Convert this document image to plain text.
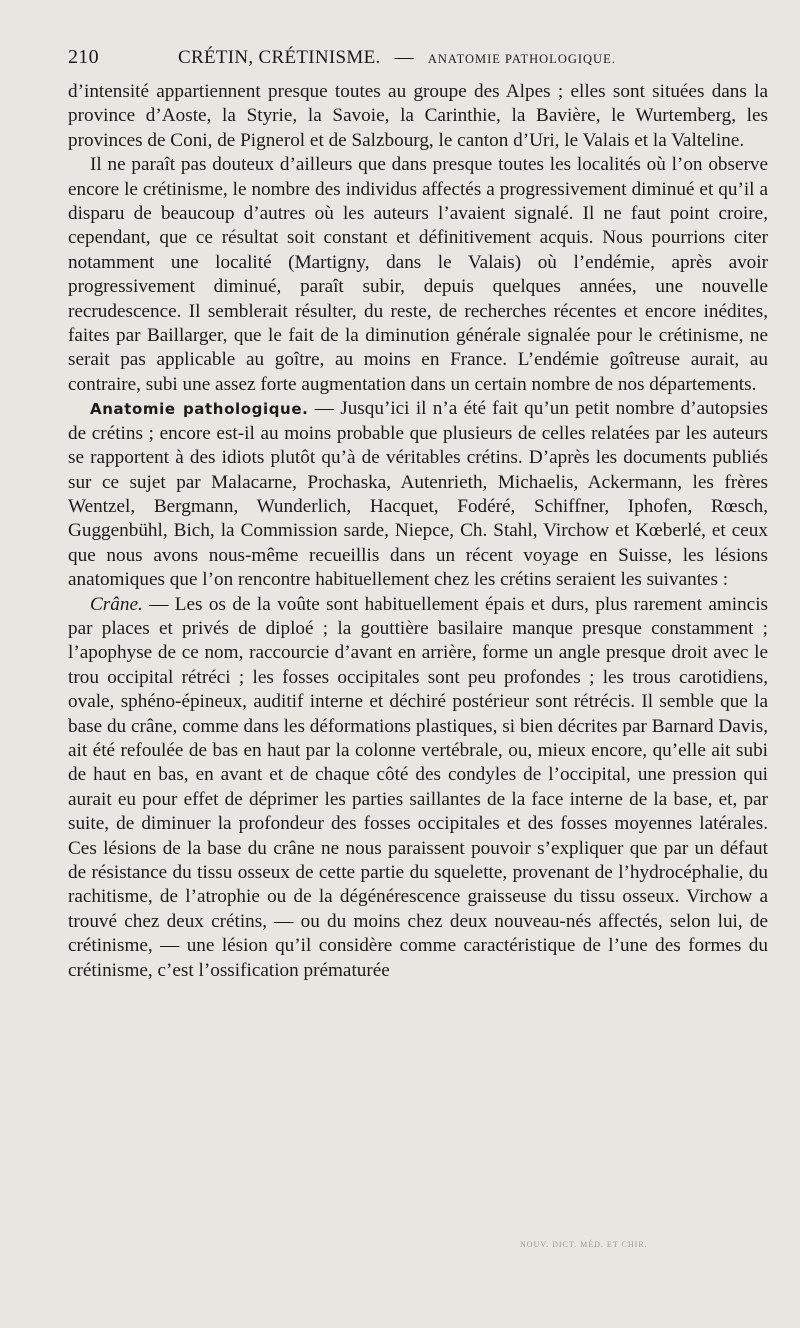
210	CRÉTIN, CRÉTINISME. — ANATOMIE PATHOLOGIQUE.

d’intensité appartiennent presque toutes au groupe des Alpes ; elles sont situées dans la province d’Aoste, la Styrie, la Savoie, la Carinthie, la Bavière, le Wurtemberg, les provinces de Coni, de Pignerol et de Salzbourg, le canton d’Uri, le Valais et la Valteline.

Il ne paraît pas douteux d’ailleurs que dans presque toutes les localités où l’on observe encore le crétinisme, le nombre des individus affectés a progressivement diminué et qu’il a disparu de beaucoup d’autres où les auteurs l’avaient signalé. Il ne faut point croire, cependant, que ce résultat soit constant et définitivement acquis. Nous pourrions citer notamment une localité (Martigny, dans le Valais) où l’endémie, après avoir progressivement diminué, paraît subir, depuis quelques années, une nouvelle recrudescence. Il semblerait résulter, du reste, de recherches récentes et encore inédites, faites par Baillarger, que le fait de la diminution générale signalée pour le crétinisme, ne serait pas applicable au goître, au moins en France. L’endémie goîtreuse aurait, au contraire, subi une assez forte augmentation dans un certain nombre de nos départements.

Anatomie pathologique. — Jusqu’ici il n’a été fait qu’un petit nombre d’autopsies de crétins ; encore est-il au moins probable que plusieurs de celles relatées par les auteurs se rapportent à des idiots plutôt qu’à de véritables crétins. D’après les documents publiés sur ce sujet par Malacarne, Prochaska, Autenrieth, Michaelis, Ackermann, les frères Wentzel, Bergmann, Wunderlich, Hacquet, Fodéré, Schiffner, Iphofen, Rœsch, Guggenbühl, Bich, la Commission sarde, Niepce, Ch. Stahl, Virchow et Kœberlé, et ceux que nous avons nous-même recueillis dans un récent voyage en Suisse, les lésions anatomiques que l’on rencontre habituellement chez les crétins seraient les suivantes :

Crâne. — Les os de la voûte sont habituellement épais et durs, plus rarement amincis par places et privés de diploé ; la gouttière basilaire manque presque constamment ; l’apophyse de ce nom, raccourcie d’avant en arrière, forme un angle presque droit avec le trou occipital rétréci ; les fosses occipitales sont peu profondes ; les trous carotidiens, ovale, sphéno-épineux, auditif interne et déchiré postérieur sont rétrécis. Il semble que la base du crâne, comme dans les déformations plastiques, si bien décrites par Barnard Davis, ait été refoulée de bas en haut par la colonne vertébrale, ou, mieux encore, qu’elle ait subi de haut en bas, en avant et de chaque côté des condyles de l’occipital, une pression qui aurait eu pour effet de déprimer les parties saillantes de la face interne de la base, et, par suite, de diminuer la profondeur des fosses occipitales et des fosses moyennes latérales. Ces lésions de la base du crâne ne nous paraissent pouvoir s’expliquer que par un défaut de résistance du tissu osseux de cette partie du squelette, provenant de l’hydrocéphalie, du rachitisme, de l’atrophie ou de la dégénérescence graisseuse du tissu osseux. Virchow a trouvé chez deux crétins, — ou du moins chez deux nouveau-nés affectés, selon lui, de crétinisme, — une lésion qu’il considère comme caractéristique de l’une des formes du crétinisme, c’est l’ossification prématurée

NOUV. DICT. MÉD. ET CHIR.
